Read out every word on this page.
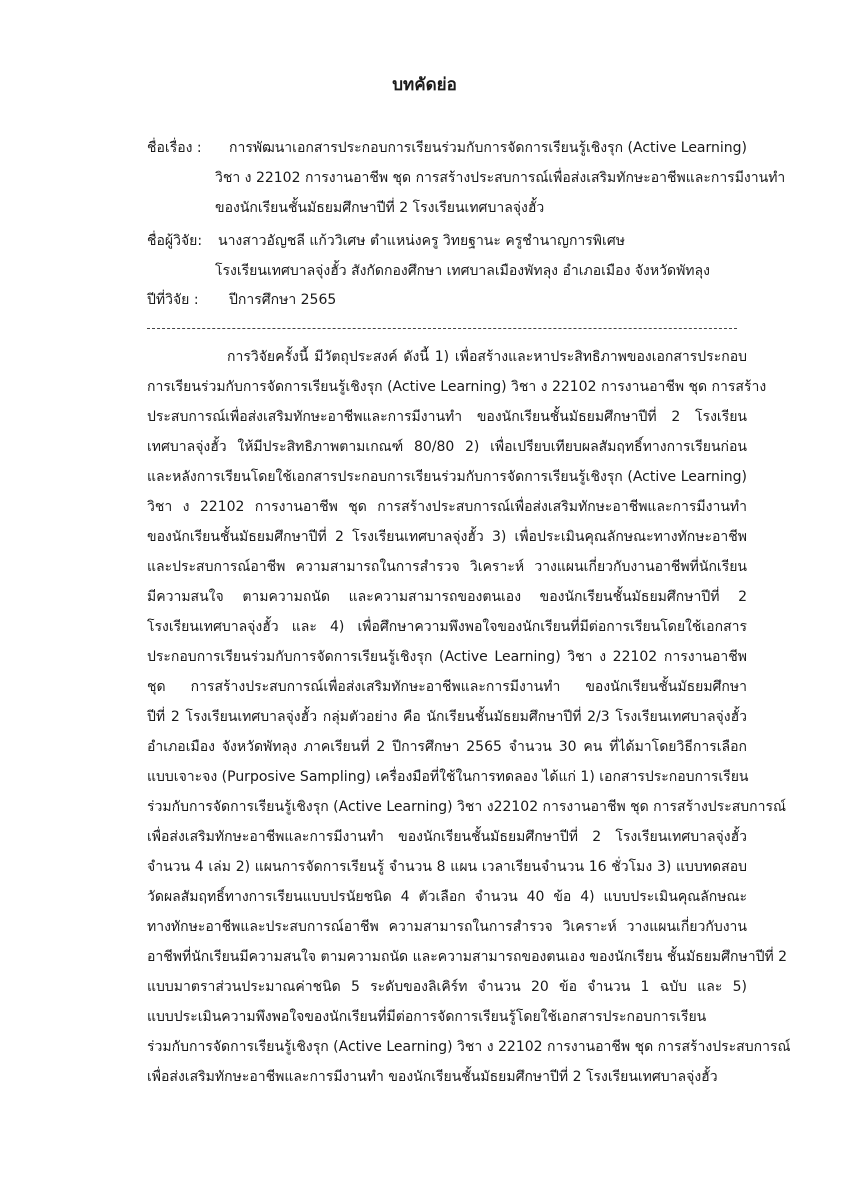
บทคัดย่อ
ชื่อเรื่อง : การพัฒนาเอกสารประกอบการเรียนร่วมกับการจัดการเรียนรู้เชิงรุก (Active Learning)
วิชา ง 22102 การงานอาชีพ ชุด การสร้างประสบการณ์เพื่อส่งเสริมทักษะอาชีพและการมีงานทำ
ของนักเรียนชั้นมัธยมศึกษาปีที่ 2 โรงเรียนเทศบาลจุ่งฮั้ว
ชื่อผู้วิจัย: นางสาวอัญชลี แก้ววิเศษ ตำแหน่งครู วิทยฐานะ ครูชำนาญการพิเศษ
โรงเรียนเทศบาลจุ่งฮั้ว สังกัดกองศึกษา เทศบาลเมืองพัทลุง อำเภอเมือง จังหวัดพัทลุง
ปีที่วิจัย : ปีการศึกษา 2565
การวิจัยครั้งนี้ มีวัตถุประสงค์ ดังนี้ 1) เพื่อสร้างและหาประสิทธิภาพของเอกสารประกอบ
การเรียนร่วมกับการจัดการเรียนรู้เชิงรุก (Active Learning) วิชา ง 22102 การงานอาชีพ ชุด การสร้าง
ประสบการณ์เพื่อส่งเสริมทักษะอาชีพและการมีงานทำ ของนักเรียนชั้นมัธยมศึกษาปีที่ 2 โรงเรียน
เทศบาลจุ่งฮั้ว ให้มีประสิทธิภาพตามเกณฑ์ 80/80 2) เพื่อเปรียบเทียบผลสัมฤทธิ์ทางการเรียนก่อน
และหลังการเรียนโดยใช้เอกสารประกอบการเรียนร่วมกับการจัดการเรียนรู้เชิงรุก (Active Learning)
วิชา ง 22102 การงานอาชีพ ชุด การสร้างประสบการณ์เพื่อส่งเสริมทักษะอาชีพและการมีงานทำ
ของนักเรียนชั้นมัธยมศึกษาปีที่ 2 โรงเรียนเทศบาลจุ่งฮั้ว 3) เพื่อประเมินคุณลักษณะทางทักษะอาชีพ
และประสบการณ์อาชีพ ความสามารถในการสำรวจ วิเคราะห์ วางแผนเกี่ยวกับงานอาชีพที่นักเรียน
มีความสนใจ ตามความถนัด และความสามารถของตนเอง ของนักเรียนชั้นมัธยมศึกษาปีที่ 2
โรงเรียนเทศบาลจุ่งฮั้ว และ 4) เพื่อศึกษาความพึงพอใจของนักเรียนที่มีต่อการเรียนโดยใช้เอกสาร
ประกอบการเรียนร่วมกับการจัดการเรียนรู้เชิงรุก (Active Learning) วิชา ง 22102 การงานอาชีพ
ชุด การสร้างประสบการณ์เพื่อส่งเสริมทักษะอาชีพและการมีงานทำ ของนักเรียนชั้นมัธยมศึกษา
ปีที่ 2 โรงเรียนเทศบาลจุ่งฮั้ว กลุ่มตัวอย่าง คือ นักเรียนชั้นมัธยมศึกษาปีที่ 2/3 โรงเรียนเทศบาลจุ่งฮั้ว
อำเภอเมือง จังหวัดพัทลุง ภาคเรียนที่ 2 ปีการศึกษา 2565 จำนวน 30 คน ที่ได้มาโดยวิธีการเลือก
แบบเจาะจง (Purposive Sampling) เครื่องมือที่ใช้ในการทดลอง ได้แก่ 1) เอกสารประกอบการเรียน
ร่วมกับการจัดการเรียนรู้เชิงรุก (Active Learning) วิชา ง22102 การงานอาชีพ ชุด การสร้างประสบการณ์
เพื่อส่งเสริมทักษะอาชีพและการมีงานทำ ของนักเรียนชั้นมัธยมศึกษาปีที่ 2 โรงเรียนเทศบาลจุ่งฮั้ว
จำนวน 4 เล่ม 2) แผนการจัดการเรียนรู้ จำนวน 8 แผน เวลาเรียนจำนวน 16 ชั่วโมง 3) แบบทดสอบ
วัดผลสัมฤทธิ์ทางการเรียนแบบปรนัยชนิด 4 ตัวเลือก จำนวน 40 ข้อ 4) แบบประเมินคุณลักษณะ
ทางทักษะอาชีพและประสบการณ์อาชีพ ความสามารถในการสำรวจ วิเคราะห์ วางแผนเกี่ยวกับงาน
อาชีพที่นักเรียนมีความสนใจ ตามความถนัด และความสามารถของตนเอง ของนักเรียน ชั้นมัธยมศึกษาปีที่ 2
แบบมาตราส่วนประมาณค่าชนิด 5 ระดับของลิเคิร์ท จำนวน 20 ข้อ จำนวน 1 ฉบับ และ 5)
แบบประเมินความพึงพอใจของนักเรียนที่มีต่อการจัดการเรียนรู้โดยใช้เอกสารประกอบการเรียน
ร่วมกับการจัดการเรียนรู้เชิงรุก (Active Learning) วิชา ง 22102 การงานอาชีพ ชุด การสร้างประสบการณ์
เพื่อส่งเสริมทักษะอาชีพและการมีงานทำ ของนักเรียนชั้นมัธยมศึกษาปีที่ 2 โรงเรียนเทศบาลจุ่งฮั้ว
